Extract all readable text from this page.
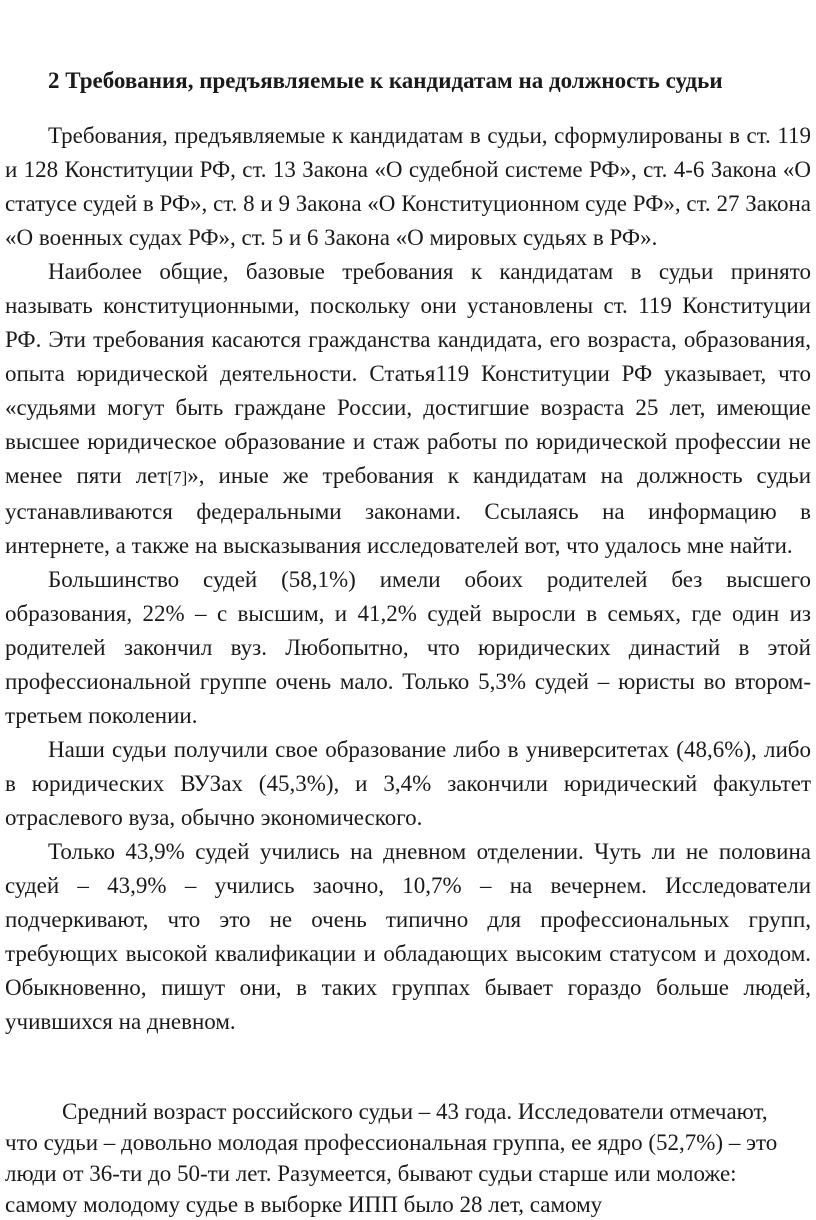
2 Требования, предъявляемые к кандидатам на должность судьи

Требования, предъявляемые к кандидатам в судьи, сформулированы в ст. 119 и 128 Конституции РФ, ст. 13 Закона «О судебной системе РФ», ст. 4-6 Закона «О статусе судей в РФ», ст. 8 и 9 Закона «О Конституционном суде РФ», ст. 27 Закона «О военных судах РФ», ст. 5 и 6 Закона «О мировых судьях в РФ».

Наиболее общие, базовые требования к кандидатам в судьи принято называть конституционными, поскольку они установлены ст. 119 Конституции РФ. Эти требования касаются гражданства кандидата, его возраста, образования, опыта юридической деятельности. Статья119 Конституции РФ указывает, что «судьями могут быть граждане России, достигшие возраста 25 лет, имеющие высшее юридическое образование и стаж работы по юридической профессии не менее пяти лет[7]», иные же требования к кандидатам на должность судьи устанавливаются федеральными законами. Ссылаясь на информацию в интернете, а также на высказывания исследователей вот, что удалось мне найти.

Большинство судей (58,1%) имели обоих родителей без высшего образования, 22% – с высшим, и 41,2% судей выросли в семьях, где один из родителей закончил вуз. Любопытно, что юридических династий в этой профессиональной группе очень мало. Только 5,3% судей – юристы во втором-третьем поколении.

Наши судьи получили свое образование либо в университетах (48,6%), либо в юридических ВУЗах (45,3%), и 3,4% закончили юридический факультет отраслевого вуза, обычно экономического.

Только 43,9% судей учились на дневном отделении. Чуть ли не половина судей – 43,9% – учились заочно, 10,7% – на вечернем. Исследователи подчеркивают, что это не очень типично для профессиональных групп, требующих высокой квалификации и обладающих высоким статусом и доходом. Обыкновенно, пишут они, в таких группах бывает гораздо больше людей, учившихся на дневном.

Средний возраст российского судьи – 43 года. Исследователи отмечают, что судьи – довольно молодая профессиональная группа, ее ядро (52,7%) – это люди от 36-ти до 50-ти лет. Разумеется, бывают судьи старше или моложе: самому молодому судье в выборке ИПП было 28 лет, самому
